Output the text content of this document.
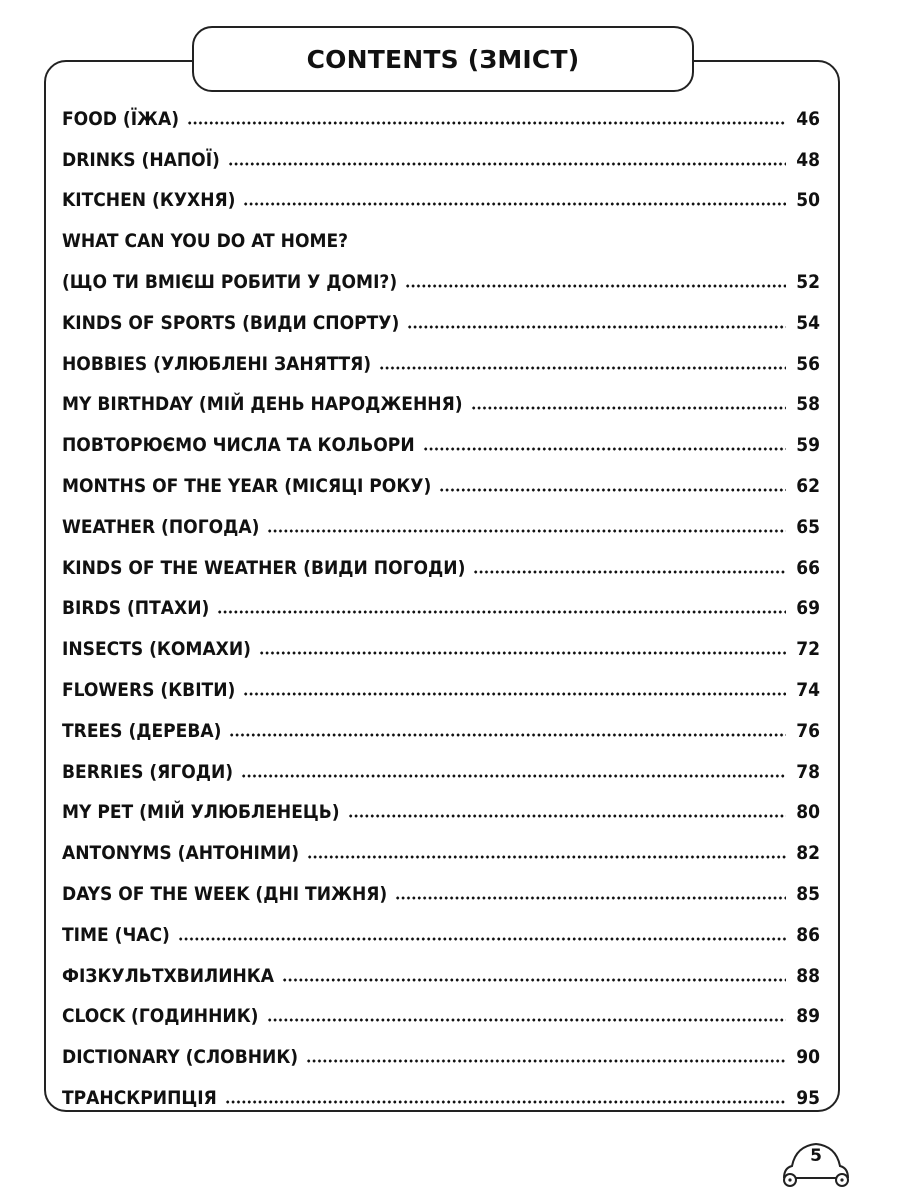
CONTENTS (ЗМІСТ)
FOOD (ЇЖА)	46
DRINKS (НАПОЇ)	48
KITCHEN (КУХНЯ)	50
WHAT CAN YOU DO AT HOME?
(ЩО ТИ ВМІЄШ РОБИТИ У ДОМІ?)	52
KINDS OF SPORTS (ВИДИ СПОРТУ)	54
HOBBIES (УЛЮБЛЕНІ ЗАНЯТТЯ)	56
MY BIRTHDAY (МІЙ ДЕНЬ НАРОДЖЕННЯ)	58
ПОВТОРЮЄМО ЧИСЛА ТА КОЛЬОРИ	59
MONTHS OF THE YEAR (МІСЯЦІ РОКУ)	62
WEATHER (ПОГОДА)	65
KINDS OF THE WEATHER (ВИДИ ПОГОДИ)	66
BIRDS (ПТАХИ)	69
INSECTS (КОМАХИ)	72
FLOWERS (КВІТИ)	74
TREES (ДЕРЕВА)	76
BERRIES (ЯГОДИ)	78
MY PET (МІЙ УЛЮБЛЕНЕЦЬ)	80
ANTONYMS (АНТОНІМИ)	82
DAYS OF THE WEEK (ДНІ ТИЖНЯ)	85
TIME (ЧАС)	86
ФІЗКУЛЬТХВИЛИНКА	88
CLOCK (ГОДИННИК)	89
DICTIONARY (СЛОВНИК)	90
ТРАНСКРИПЦІЯ	95
5
